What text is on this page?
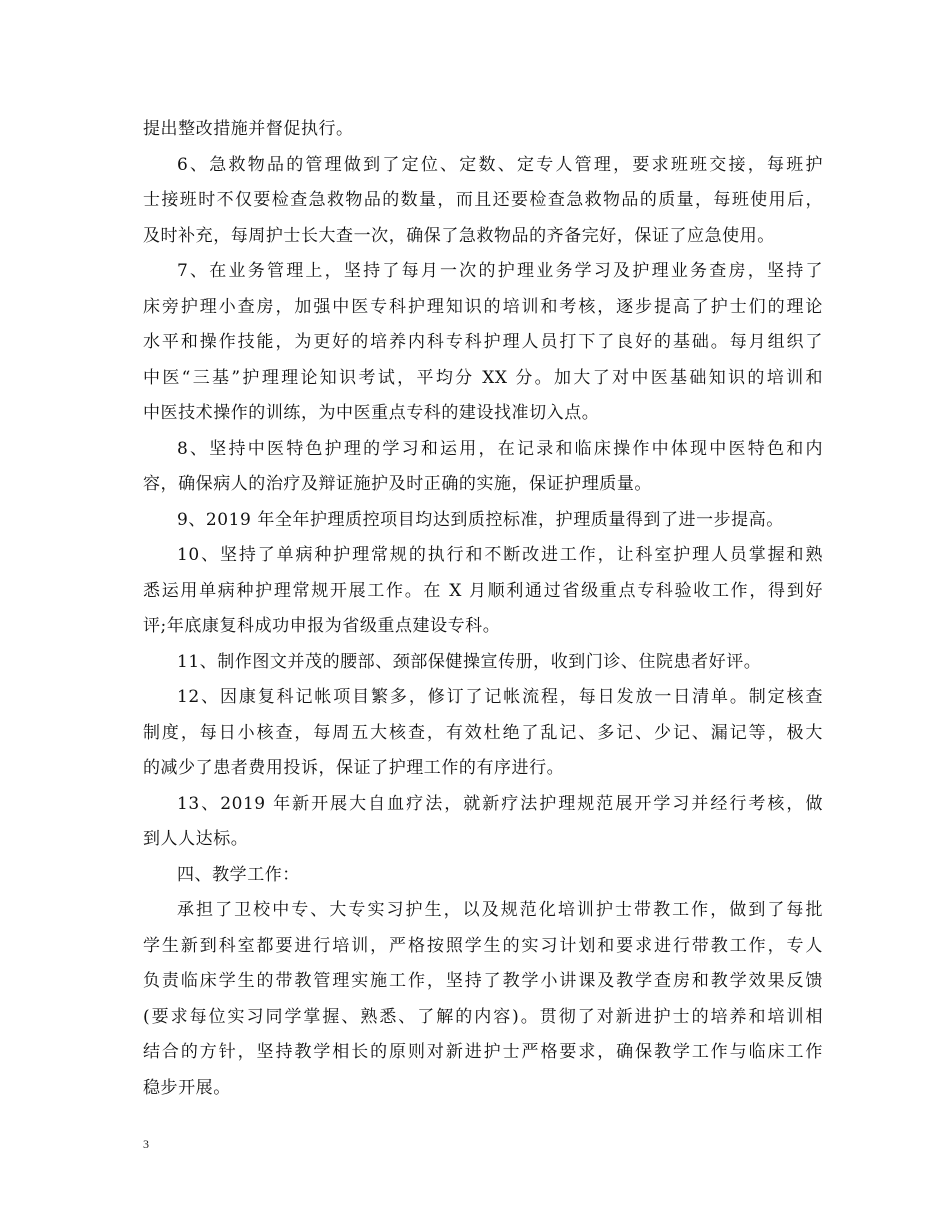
提出整改措施并督促执行。
6、急救物品的管理做到了定位、定数、定专人管理，要求班班交接，每班护
士接班时不仅要检查急救物品的数量，而且还要检查急救物品的质量，每班使用后，
及时补充，每周护士长大查一次，确保了急救物品的齐备完好，保证了应急使用。
7、在业务管理上，坚持了每月一次的护理业务学习及护理业务查房，坚持了
床旁护理小查房，加强中医专科护理知识的培训和考核，逐步提高了护士们的理论
水平和操作技能，为更好的培养内科专科护理人员打下了良好的基础。每月组织了
中医“三基”护理理论知识考试，平均分 XX 分。加大了对中医基础知识的培训和
中医技术操作的训练，为中医重点专科的建设找准切入点。
8、坚持中医特色护理的学习和运用，在记录和临床操作中体现中医特色和内
容，确保病人的治疗及辩证施护及时正确的实施，保证护理质量。
9、2019 年全年护理质控项目均达到质控标准，护理质量得到了进一步提高。
10、坚持了单病种护理常规的执行和不断改进工作，让科室护理人员掌握和熟
悉运用单病种护理常规开展工作。在 X 月顺利通过省级重点专科验收工作，得到好
评;年底康复科成功申报为省级重点建设专科。
11、制作图文并茂的腰部、颈部保健操宣传册，收到门诊、住院患者好评。
12、因康复科记帐项目繁多，修订了记帐流程，每日发放一日清单。制定核查
制度，每日小核查，每周五大核查，有效杜绝了乱记、多记、少记、漏记等，极大
的减少了患者费用投诉，保证了护理工作的有序进行。
13、2019 年新开展大自血疗法，就新疗法护理规范展开学习并经行考核，做
到人人达标。
四、教学工作：
承担了卫校中专、大专实习护生，以及规范化培训护士带教工作，做到了每批
学生新到科室都要进行培训，严格按照学生的实习计划和要求进行带教工作，专人
负责临床学生的带教管理实施工作，坚持了教学小讲课及教学查房和教学效果反馈
(要求每位实习同学掌握、熟悉、了解的内容)。贯彻了对新进护士的培养和培训相
结合的方针，坚持教学相长的原则对新进护士严格要求，确保教学工作与临床工作
稳步开展。
3
